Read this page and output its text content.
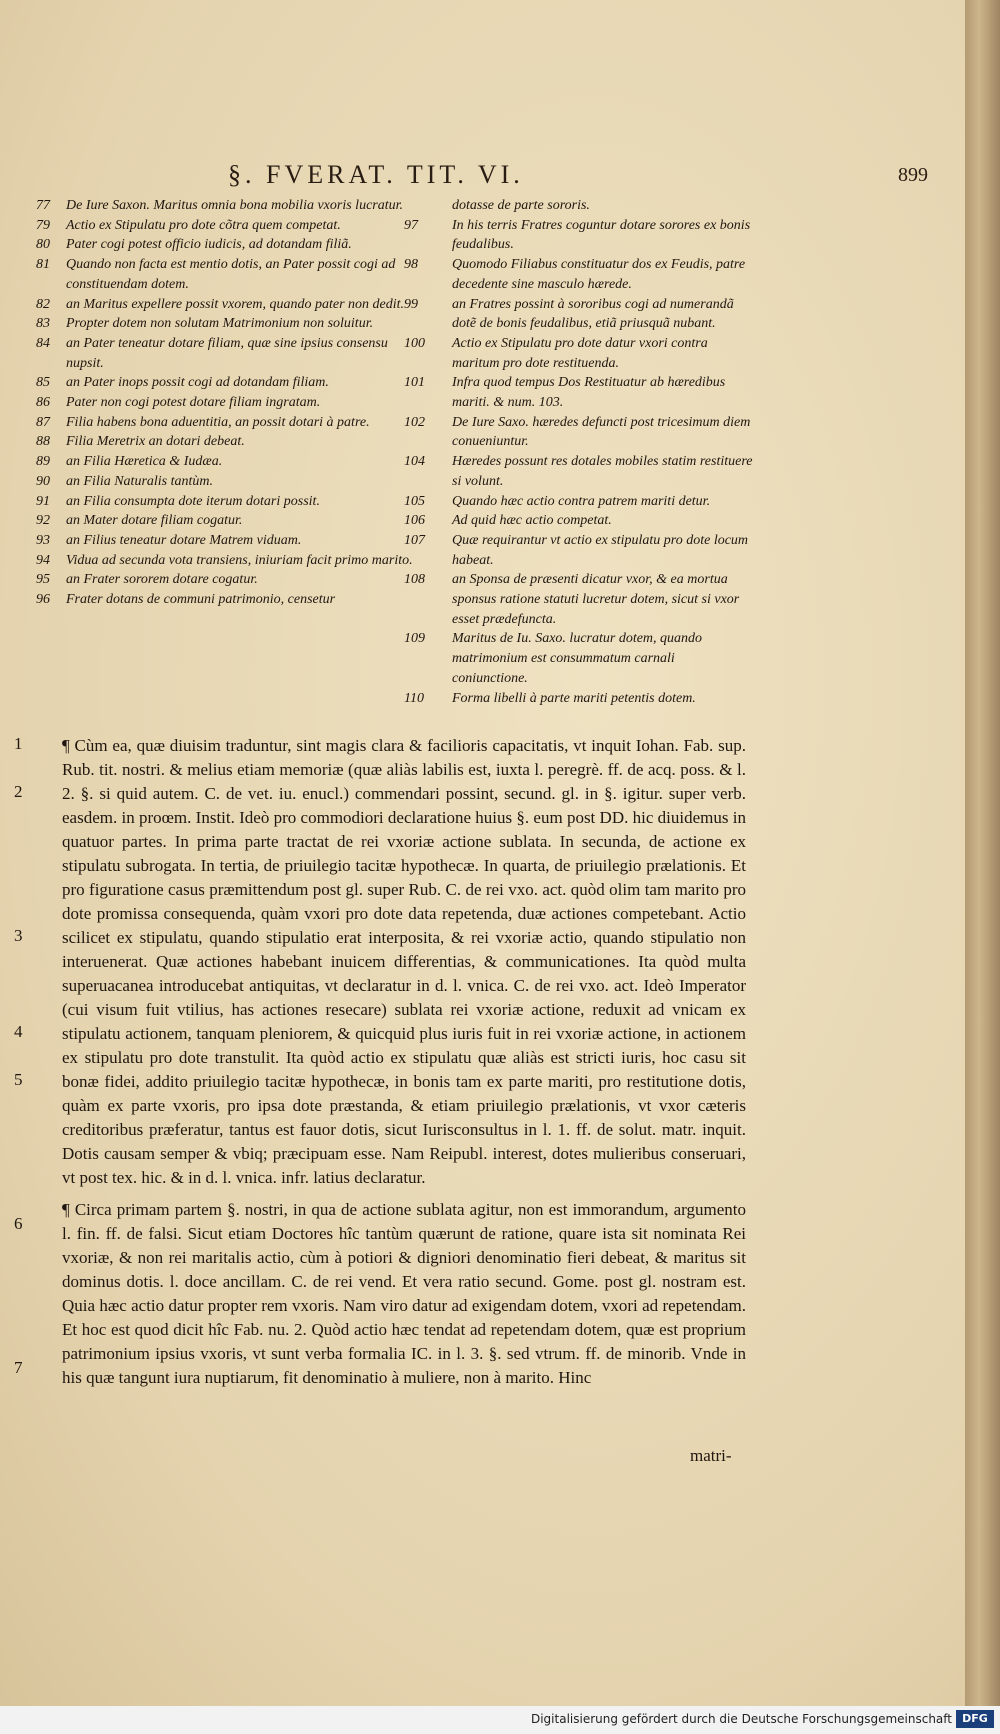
§. FVERAT. TIT. VI.	899

77	De Iure Saxon. Maritus omnia bona mobilia vxoris lucratur.

79	Actio ex Stipulatu pro dote cõtra quem competat.

80	Pater cogi potest officio iudicis, ad dotandam filiã.

81	Quando non facta est mentio dotis, an Pater possit cogi ad constituendam dotem.

82	an Maritus expellere possit vxorem, quando pater non dedit.

83	Propter dotem non solutam Matrimonium non soluitur.

84	an Pater teneatur dotare filiam, quæ sine ipsius consensu nupsit.

85	an Pater inops possit cogi ad dotandam filiam.

86	Pater non cogi potest dotare filiam ingratam.

87	Filia habens bona aduentitia, an possit dotari à patre.

88	Filia Meretrix an dotari debeat.

89	an Filia Hæretica & Iudæa.

90	an Filia Naturalis tantùm.

91	an Filia consumpta dote iterum dotari possit.

92	an Mater dotare filiam cogatur.

93	an Filius teneatur dotare Matrem viduam.

94	Vidua ad secunda vota transiens, iniuriam facit primo marito.

95	an Frater sororem dotare cogatur.

96	Frater dotans de communi patrimonio, censetur

dotasse de parte sororis.

97	In his terris Fratres coguntur dotare sorores ex bonis feudalibus.

98	Quomodo Filiabus constituatur dos ex Feudis, patre decedente sine masculo hærede.

99	an Fratres possint à sororibus cogi ad numerandã dotẽ de bonis feudalibus, etiã priusquã nubant.

100	Actio ex Stipulatu pro dote datur vxori contra maritum pro dote restituenda.

101	Infra quod tempus Dos Restituatur ab hæredibus mariti. & num. 103.

102	De Iure Saxo. hæredes defuncti post tricesimum diem conueniuntur.

104	Hæredes possunt res dotales mobiles statim restituere si volunt.

105	Quando hæc actio contra patrem mariti detur.

106	Ad quid hæc actio competat.

107	Quæ requirantur vt actio ex stipulatu pro dote locum habeat.

108	an Sponsa de præsenti dicatur vxor, & ea mortua sponsus ratione statuti lucretur dotem, sicut si vxor esset prædefuncta.

109	Maritus de Iu. Saxo. lucratur dotem, quando matrimonium est consummatum carnali coniunctione.

110	Forma libelli à parte mariti petentis dotem.

1
2
3
4
5
6
7

¶ Cùm ea, quæ diuisim traduntur, sint magis clara & facilioris capacitatis, vt inquit Iohan. Fab. sup. Rub. tit. nostri. & melius etiam memoriæ (quæ aliàs labilis est, iuxta l. peregrè. ff. de acq. poss. & l. 2. §. si quid autem. C. de vet. iu. enucl.) commendari possint, secund. gl. in §. igitur. super verb. easdem. in proœm. Instit. Ideò pro commodiori declaratione huius §. eum post DD. hic diuidemus in quatuor partes. In prima parte tractat de rei vxoriæ actione sublata. In secunda, de actione ex stipulatu subrogata. In tertia, de priuilegio tacitæ hypothecæ. In quarta, de priuilegio prælationis. Et pro figuratione casus præmittendum post gl. super Rub. C. de rei vxo. act. quòd olim tam marito pro dote promissa consequenda, quàm vxori pro dote data repetenda, duæ actiones competebant. Actio scilicet ex stipulatu, quando stipulatio erat interposita, & rei vxoriæ actio, quando stipulatio non interuenerat. Quæ actiones habebant inuicem differentias, & communicationes. Ita quòd multa superuacanea introducebat antiquitas, vt declaratur in d. l. vnica. C. de rei vxo. act. Ideò Imperator (cui visum fuit vtilius, has actiones resecare) sublata rei vxoriæ actione, reduxit ad vnicam ex stipulatu actionem, tanquam pleniorem, & quicquid plus iuris fuit in rei vxoriæ actione, in actionem ex stipulatu pro dote transtulit. Ita quòd actio ex stipulatu quæ aliàs est stricti iuris, hoc casu sit bonæ fidei, addito priuilegio tacitæ hypothecæ, in bonis tam ex parte mariti, pro restitutione dotis, quàm ex parte vxoris, pro ipsa dote præstanda, & etiam priuilegio prælationis, vt vxor cæteris creditoribus præferatur, tantus est fauor dotis, sicut Iurisconsultus in l. 1. ff. de solut. matr. inquit. Dotis causam semper & vbiq; præcipuam esse. Nam Reipubl. interest, dotes mulieribus conseruari, vt post tex. hic. & in d. l. vnica. infr. latius declaratur.

¶ Circa primam partem §. nostri, in qua de actione sublata agitur, non est immorandum, argumento l. fin. ff. de falsi. Sicut etiam Doctores hîc tantùm quærunt de ratione, quare ista sit nominata Rei vxoriæ, & non rei maritalis actio, cùm à potiori & digniori denominatio fieri debeat, & maritus sit dominus dotis. l. doce ancillam. C. de rei vend. Et vera ratio secund. Gome. post gl. nostram est. Quia hæc actio datur propter rem vxoris. Nam viro datur ad exigendam dotem, vxori ad repetendam. Et hoc est quod dicit hîc Fab. nu. 2. Quòd actio hæc tendat ad repetendam dotem, quæ est proprium patrimonium ipsius vxoris, vt sunt verba formalia IC. in l. 3. §. sed vtrum. ff. de minorib. Vnde in his quæ tangunt iura nuptiarum, fit denominatio à muliere, non à marito. Hinc

matri-
Digitalisierung gefördert durch die Deutsche Forschungsgemeinschaft DFG
